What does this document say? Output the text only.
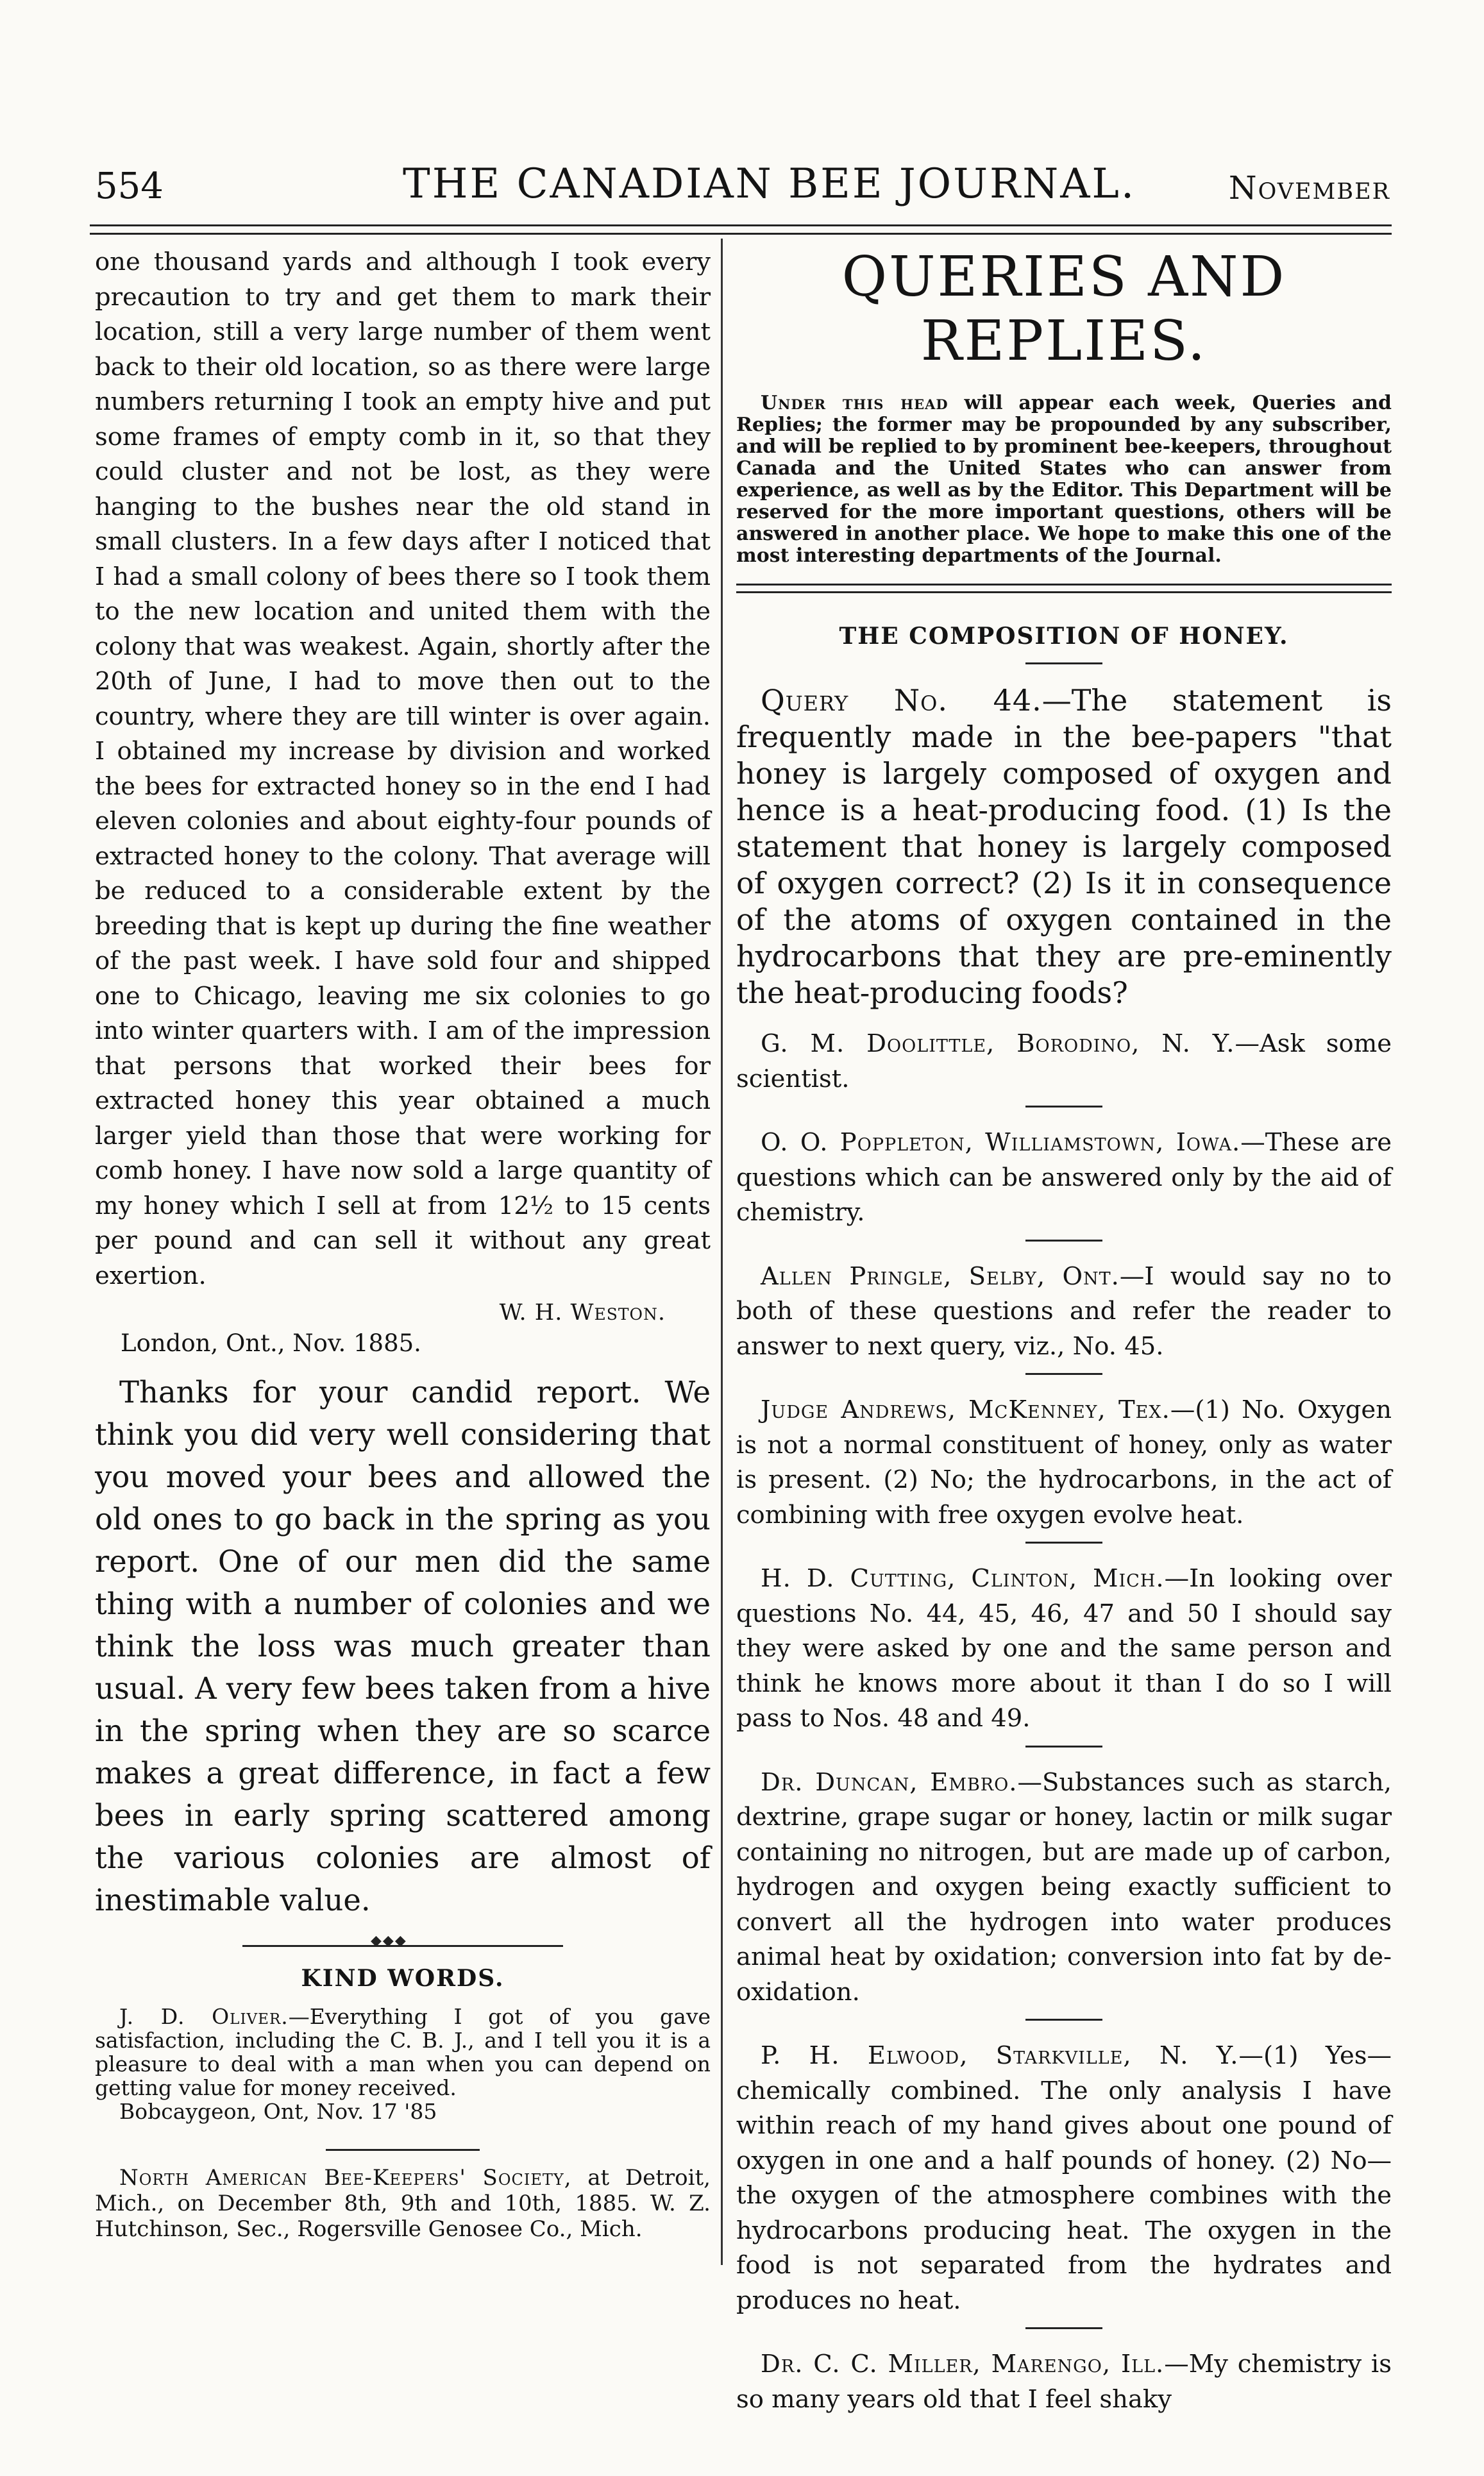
554	THE CANADIAN BEE JOURNAL.	November

one thousand yards and although I took every precaution to try and get them to mark their location, still a very large number of them went back to their old location, so as there were large numbers returning I took an empty hive and put some frames of empty comb in it, so that they could cluster and not be lost, as they were hanging to the bushes near the old stand in small clusters. In a few days after I noticed that I had a small colony of bees there so I took them to the new location and united them with the colony that was weakest. Again, shortly after the 20th of June, I had to move then out to the country, where they are till winter is over again. I obtained my increase by division and worked the bees for extracted honey so in the end I had eleven colonies and about eighty-four pounds of extracted honey to the colony. That average will be reduced to a considerable extent by the breeding that is kept up during the fine weather of the past week. I have sold four and shipped one to Chicago, leaving me six colonies to go into winter quarters with. I am of the impression that persons that worked their bees for extracted honey this year obtained a much larger yield than those that were working for comb honey. I have now sold a large quantity of my honey which I sell at from 12½ to 15 cents per pound and can sell it without any great exertion.

W. H. Weston.

London, Ont., Nov. 1885.

Thanks for your candid report. We think you did very well considering that you moved your bees and allowed the old ones to go back in the spring as you report. One of our men did the same thing with a number of colonies and we think the loss was much greater than usual. A very few bees taken from a hive in the spring when they are so scarce makes a great difference, in fact a few bees in early spring scattered among the various colonies are almost of inestimable value.

◆◆◆

KIND WORDS.

J. D. Oliver.—Everything I got of you gave satisfaction, including the C. B. J., and I tell you it is a pleasure to deal with a man when you can depend on getting value for money received.

Bobcaygeon, Ont, Nov. 17 '85

North American Bee-Keepers' Society, at Detroit, Mich., on December 8th, 9th and 10th, 1885. W. Z. Hutchinson, Sec., Rogersville Genosee Co., Mich.

QUERIES AND REPLIES.

Under this head will appear each week, Queries and Replies; the former may be propounded by any subscriber, and will be replied to by prominent bee-keepers, throughout Canada and the United States who can answer from experience, as well as by the Editor. This Department will be reserved for the more important questions, others will be answered in another place. We hope to make this one of the most interesting departments of the Journal.

THE COMPOSITION OF HONEY.

Query No. 44.—The statement is frequently made in the bee-papers "that honey is largely composed of oxygen and hence is a heat-producing food. (1) Is the statement that honey is largely composed of oxygen correct? (2) Is it in consequence of the atoms of oxygen contained in the hydrocarbons that they are pre-eminently the heat-producing foods?

G. M. Doolittle, Borodino, N. Y.—Ask some scientist.

O. O. Poppleton, Williamstown, Iowa.—These are questions which can be answered only by the aid of chemistry.

Allen Pringle, Selby, Ont.—I would say no to both of these questions and refer the reader to answer to next query, viz., No. 45.

Judge Andrews, McKenney, Tex.—(1) No. Oxygen is not a normal constituent of honey, only as water is present. (2) No; the hydrocarbons, in the act of combining with free oxygen evolve heat.

H. D. Cutting, Clinton, Mich.—In looking over questions No. 44, 45, 46, 47 and 50 I should say they were asked by one and the same person and think he knows more about it than I do so I will pass to Nos. 48 and 49.

Dr. Duncan, Embro.—Substances such as starch, dextrine, grape sugar or honey, lactin or milk sugar containing no nitrogen, but are made up of carbon, hydrogen and oxygen being exactly sufficient to convert all the hydrogen into water produces animal heat by oxidation; conversion into fat by de-oxidation.

P. H. Elwood, Starkville, N. Y.—(1) Yes—chemically combined. The only analysis I have within reach of my hand gives about one pound of oxygen in one and a half pounds of honey. (2) No—the oxygen of the atmosphere combines with the hydrocarbons producing heat. The oxygen in the food is not separated from the hydrates and produces no heat.

Dr. C. C. Miller, Marengo, Ill.—My chemistry is so many years old that I feel shaky
